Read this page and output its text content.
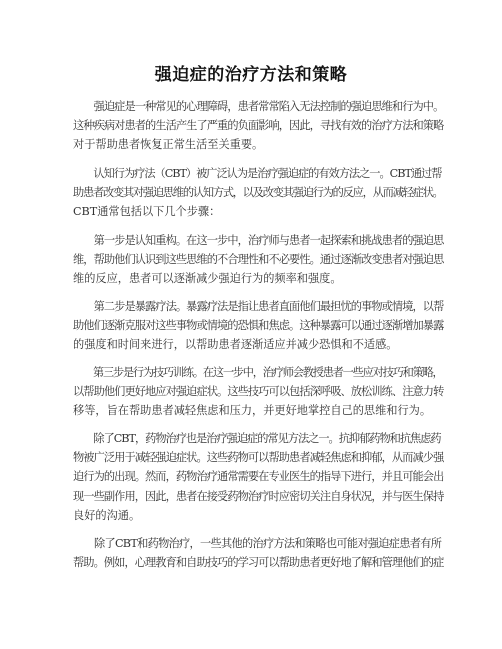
强迫症的治疗方法和策略
　　强迫症是一种常见的心理障碍，患者常常陷入无法控制的强迫思维和行为中。
这种疾病对患者的生活产生了严重的负面影响，因此，寻找有效的治疗方法和策略
对于帮助患者恢复正常生活至关重要。
　　认知行为疗法（CBT）被广泛认为是治疗强迫症的有效方法之一。CBT通过帮
助患者改变其对强迫思维的认知方式，以及改变其强迫行为的反应，从而减轻症状。
CBT通常包括以下几个步骤：
　　第一步是认知重构。在这一步中，治疗师与患者一起探索和挑战患者的强迫思
维，帮助他们认识到这些思维的不合理性和不必要性。通过逐渐改变患者对强迫思
维的反应，患者可以逐渐减少强迫行为的频率和强度。
　　第二步是暴露疗法。暴露疗法是指让患者直面他们最担忧的事物或情境，以帮
助他们逐渐克服对这些事物或情境的恐惧和焦虑。这种暴露可以通过逐渐增加暴露
的强度和时间来进行，以帮助患者逐渐适应并减少恐惧和不适感。
　　第三步是行为技巧训练。在这一步中，治疗师会教授患者一些应对技巧和策略，
以帮助他们更好地应对强迫症状。这些技巧可以包括深呼吸、放松训练、注意力转
移等，旨在帮助患者减轻焦虑和压力，并更好地掌控自己的思维和行为。
　　除了CBT，药物治疗也是治疗强迫症的常见方法之一。抗抑郁药物和抗焦虑药
物被广泛用于减轻强迫症状。这些药物可以帮助患者减轻焦虑和抑郁，从而减少强
迫行为的出现。然而，药物治疗通常需要在专业医生的指导下进行，并且可能会出
现一些副作用，因此，患者在接受药物治疗时应密切关注自身状况，并与医生保持
良好的沟通。
　　除了CBT和药物治疗，一些其他的治疗方法和策略也可能对强迫症患者有所
帮助。例如，心理教育和自助技巧的学习可以帮助患者更好地了解和管理他们的症
